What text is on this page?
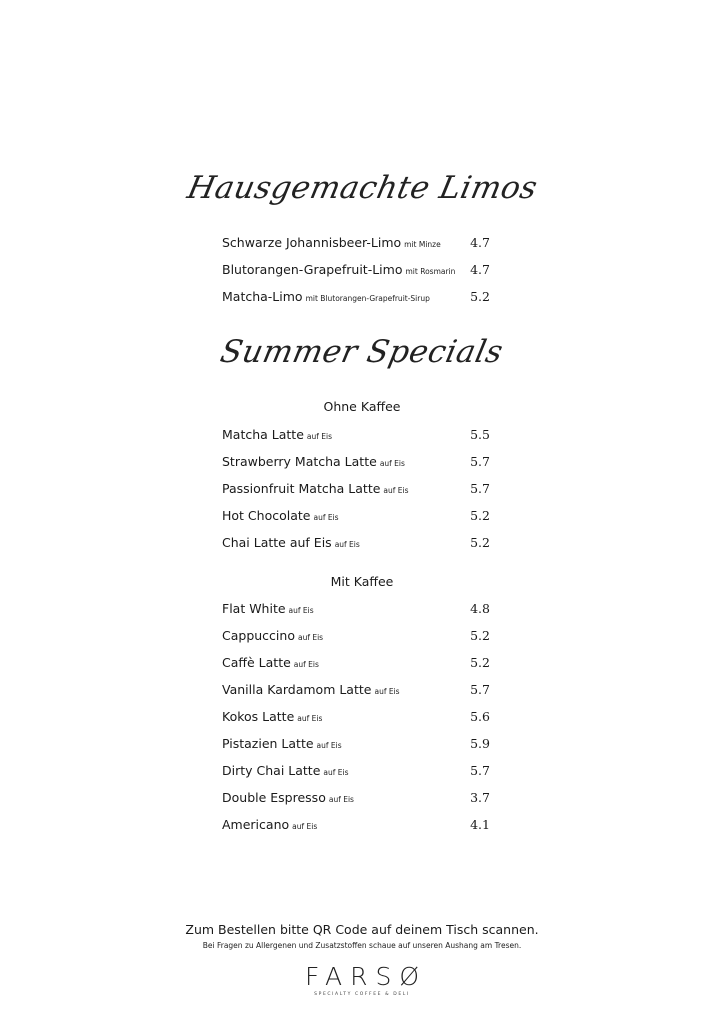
Hausgemachte Limos
Schwarze Johannisbeer-Limo mit Minze 4.7
Blutorangen-Grapefruit-Limo mit Rosmarin 4.7
Matcha-Limo mit Blutorangen-Grapefruit-Sirup	5.2
Summer Specials
Ohne Kaffee
Matcha Latte auf Eis	5.5
Strawberry Matcha Latte auf Eis	5.7
Passionfruit Matcha Latte auf Eis	5.7
Hot Chocolate auf Eis	5.2
Chai Latte auf Eis auf Eis	5.2
Mit Kaffee
Flat White auf Eis	4.8
Cappuccino auf Eis	5.2
Caffè Latte auf Eis	5.2
Vanilla Kardamom Latte auf Eis	5.7
Kokos Latte auf Eis	5.6
Pistazien Latte auf Eis	5.9
Dirty Chai Latte auf Eis	5.7
Double Espresso auf Eis	3.7
Americano auf Eis	4.1
Zum Bestellen bitte QR Code auf deinem Tisch scannen.
Bei Fragen zu Allergenen und Zusatzstoffen schaue auf unseren Aushang am Tresen.
FARSØ
SPECIALTY COFFEE & DELI
